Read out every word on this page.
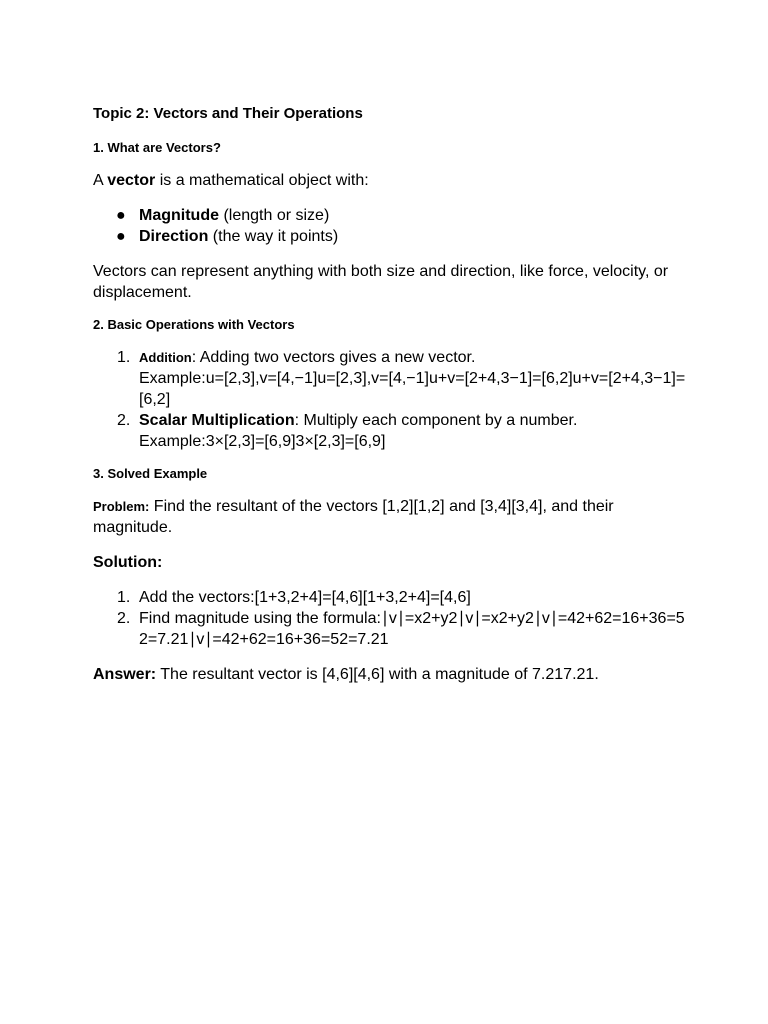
Topic 2: Vectors and Their Operations
1. What are Vectors?

A vector is a mathematical object with:

● Magnitude (length or size)
● Direction (the way it points)

Vectors can represent anything with both size and direction, like force, velocity, or displacement.

2. Basic Operations with Vectors
1. Addition: Adding two vectors gives a new vector.
Example:u=[2,3],v=[4,−1]u=[2,3],v=[4,−1]u+v=[2+4,3−1]=[6,2]u+v=[2+4,3−1]=[6,2]
2. Scalar Multiplication: Multiply each component by a number.
Example:3×[2,3]=[6,9]3×[2,3]=[6,9]
3. Solved Example

Problem: Find the resultant of the vectors [1,2][1,2] and [3,4][3,4], and their magnitude.

Solution:

1. Add the vectors:[1+3,2+4]=[4,6][1+3,2+4]=[4,6]
2. Find magnitude using the formula:∣v∣=x2+y2∣v∣=x2+y2∣v∣=42+62=16+36=52=7.21∣v∣=42+62=16+36=52=7.21

Answer: The resultant vector is [4,6][4,6] with a magnitude of 7.217.21.
